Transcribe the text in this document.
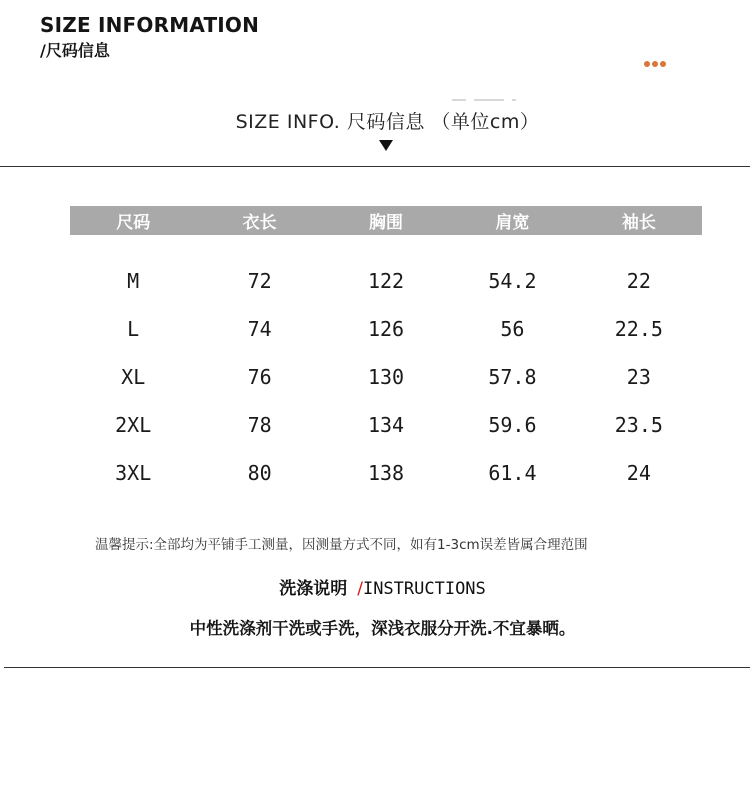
SIZE INFORMATION
/尺码信息
SIZE INFO. 尺码信息 （单位cm）
尺码	衣长	胸围	肩宽	袖长
M	72	122	54.2	22
L	74	126	56	22.5
XL	76	130	57.8	23
2XL	78	134	59.6	23.5
3XL	80	138	61.4	24
温馨提示:全部均为平铺手工测量，因测量方式不同，如有1-3cm误差皆属合理范围
洗涤说明 /INSTRUCTIONS
中性洗涤剂干洗或手洗，深浅衣服分开洗.不宜暴晒。
